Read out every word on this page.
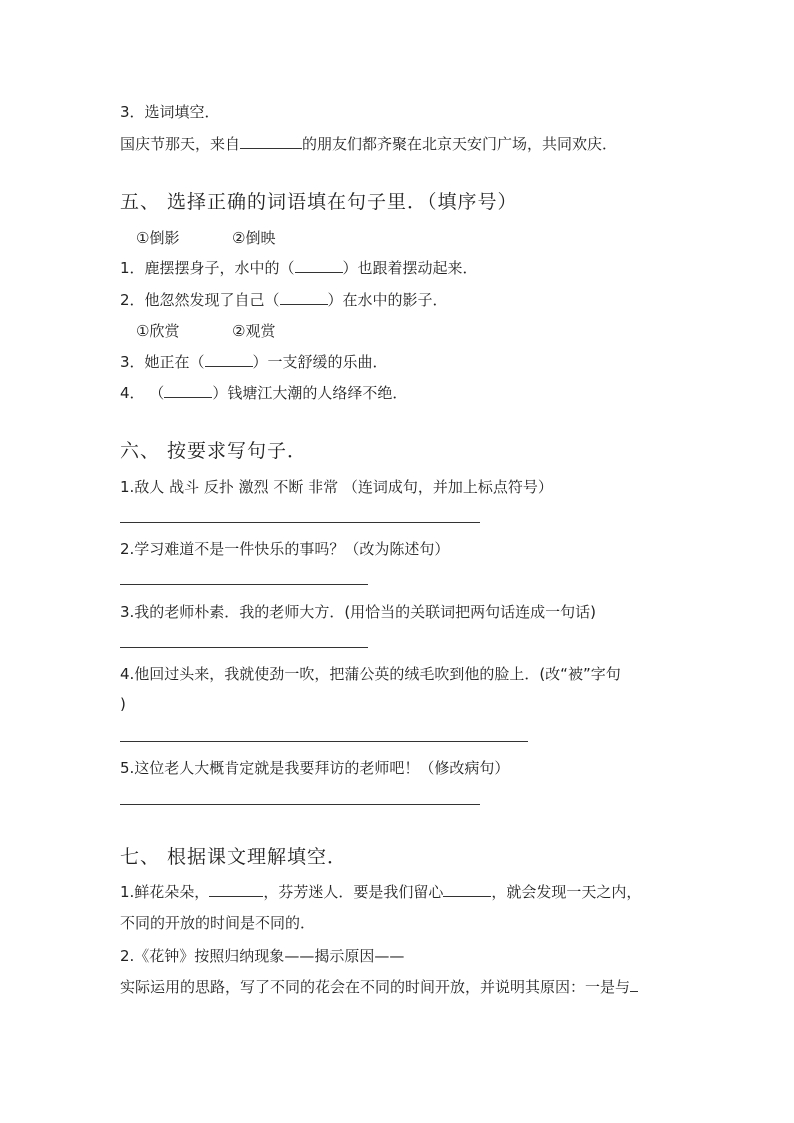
3．选词填空．
国庆节那天，来自	的朋友们都齐聚在北京天安门广场，共同欢庆．
五、 选择正确的词语填在句子里．（填序号）
①倒影	②倒映
1．鹿摆摆身子，水中的（	）也跟着摆动起来．
2．他忽然发现了自己（	）在水中的影子．
①欣赏	②观赏
3．她正在（	）一支舒缓的乐曲．
4． （	）钱塘江大潮的人络绎不绝．
六、 按要求写句子．
1.敌人 战斗 反扑 激烈 不断 非常 （连词成句，并加上标点符号）
2.学习难道不是一件快乐的事吗？（改为陈述句）
3.我的老师朴素．我的老师大方．(用恰当的关联词把两句话连成一句话)
4.他回过头来，我就使劲一吹，把蒲公英的绒毛吹到他的脸上．(改“被”字句
)
5.这位老人大概肯定就是我要拜访的老师吧！（修改病句）
七、 根据课文理解填空．
1.鲜花朵朵，	，芬芳迷人．要是我们留心	，就会发现一天之内，
不同的开放的时间是不同的．
2.《花钟》按照归纳现象——揭示原因——
实际运用的思路，写了不同的花会在不同的时间开放，并说明其原因：一是与
